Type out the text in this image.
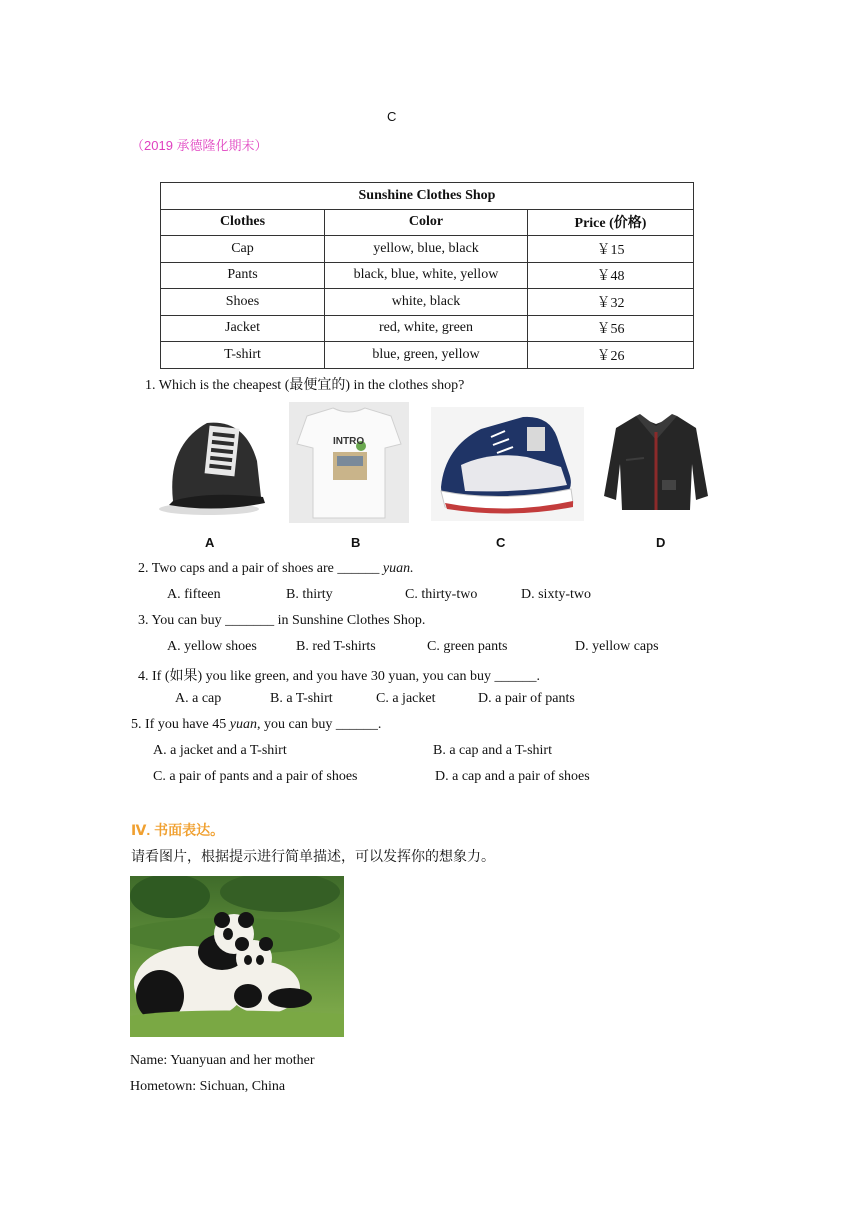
C
（2019 承德隆化期末）
Sunshine Clothes Shop		
Clothes	Color	Price (价格)
Cap	yellow, blue, black	￥15
Pants	black, blue, white, yellow	￥48
Shoes	white, black	￥32
Jacket	red, white, green	￥56
T-shirt	blue, green, yellow	￥26
1. Which is the cheapest (最便宜的) in the clothes shop?
INTRO
A	B	C	D
2. Two caps and a pair of shoes are ______ yuan.
A. fifteen	B. thirty	C. thirty-two	D. sixty-two
3. You can buy _______ in Sunshine Clothes Shop.
A. yellow shoes	B. red T-shirts	C. green pants	D. yellow caps
4. If (如果) you like green, and you have 30 yuan, you can buy ______.
A. a cap	B. a T-shirt	C. a jacket	D. a pair of pants
5. If you have 45 yuan, you can buy ______.
A. a jacket and a T-shirt	B. a cap and a T-shirt
C. a pair of pants and a pair of shoes	D. a cap and a pair of shoes
Ⅳ. 书面表达。
请看图片，根据提示进行简单描述，可以发挥你的想象力。
Name: Yuanyuan and her mother
Hometown: Sichuan, China
